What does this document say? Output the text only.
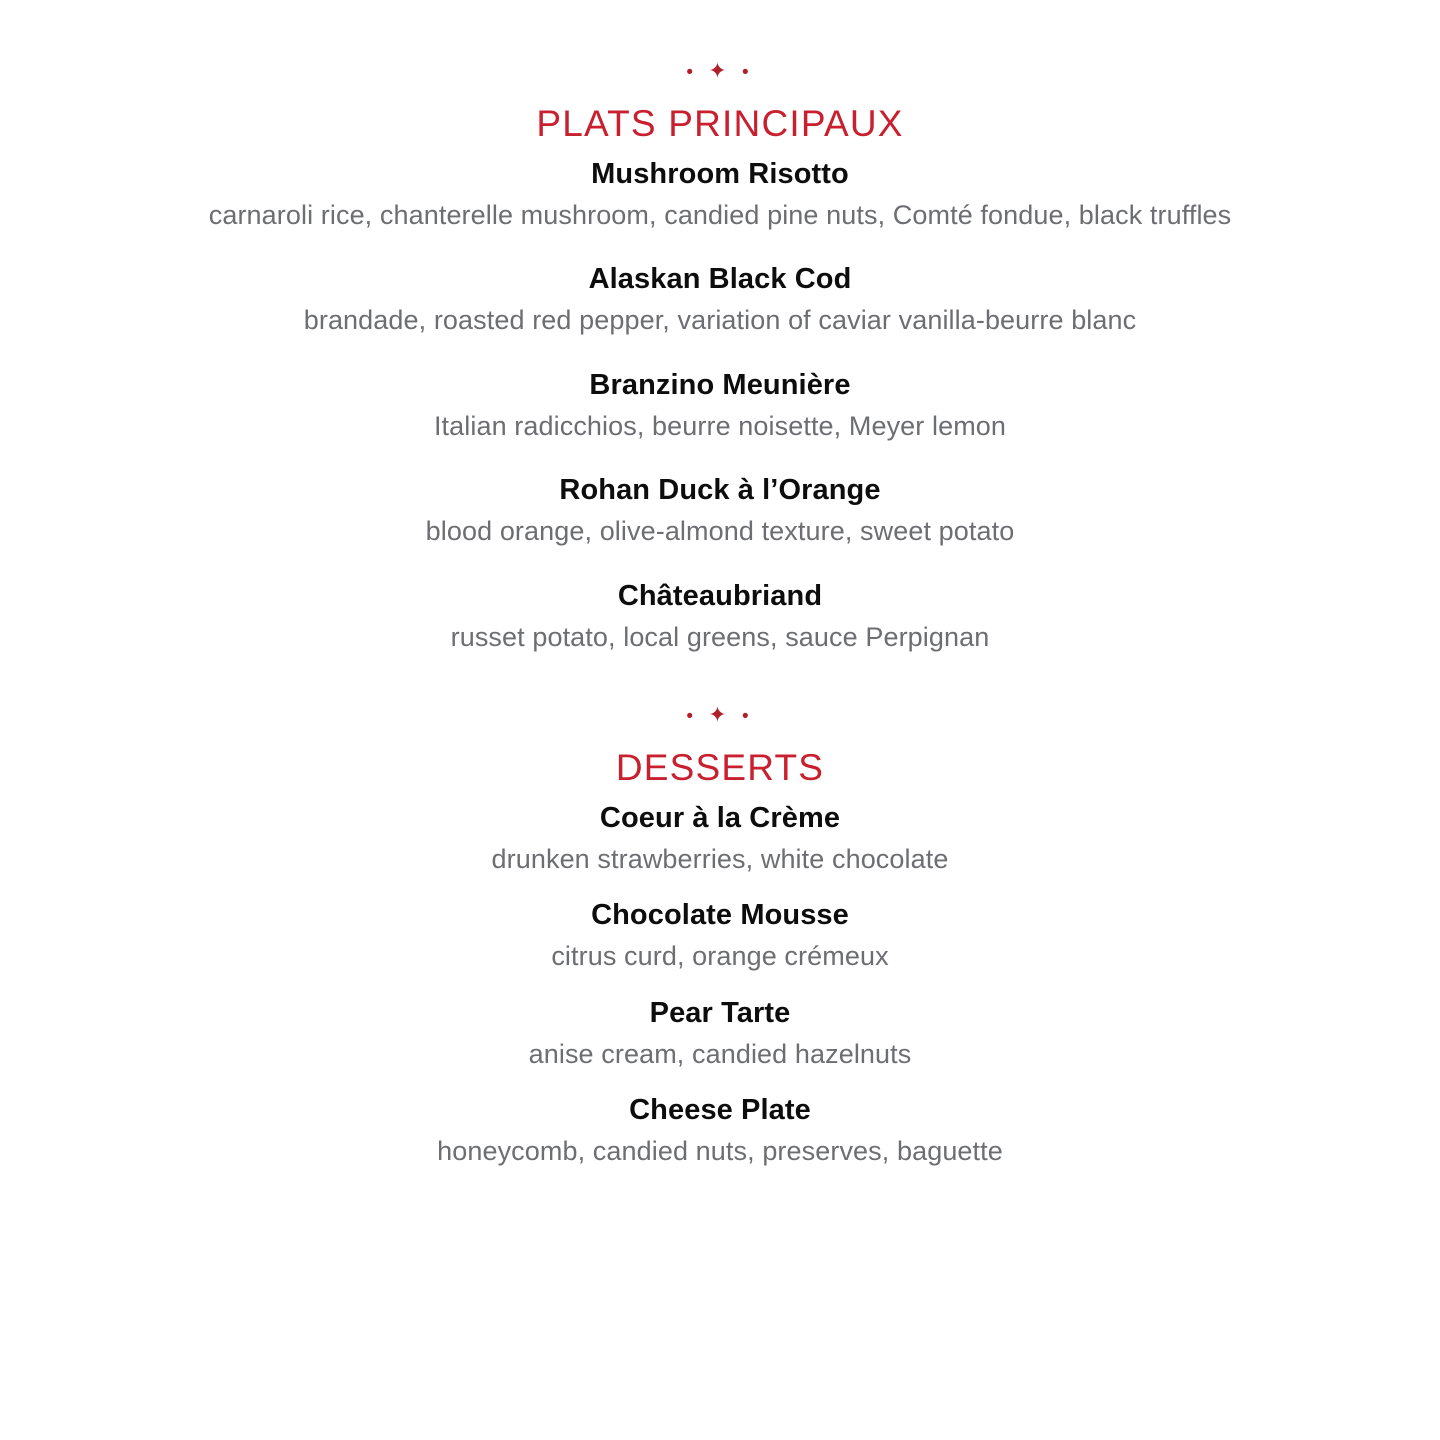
• ✦ •
PLATS PRINCIPAUX
Mushroom Risotto
carnaroli rice, chanterelle mushroom, candied pine nuts, Comté fondue, black truffles
Alaskan Black Cod
brandade, roasted red pepper, variation of caviar vanilla-beurre blanc
Branzino Meunière
Italian radicchios, beurre noisette, Meyer lemon
Rohan Duck à l’Orange
blood orange, olive-almond texture, sweet potato
Châteaubriand
russet potato, local greens, sauce Perpignan
• ✦ •
DESSERTS
Coeur à la Crème
drunken strawberries, white chocolate
Chocolate Mousse
citrus curd, orange crémeux
Pear Tarte
anise cream, candied hazelnuts
Cheese Plate
honeycomb, candied nuts, preserves, baguette
